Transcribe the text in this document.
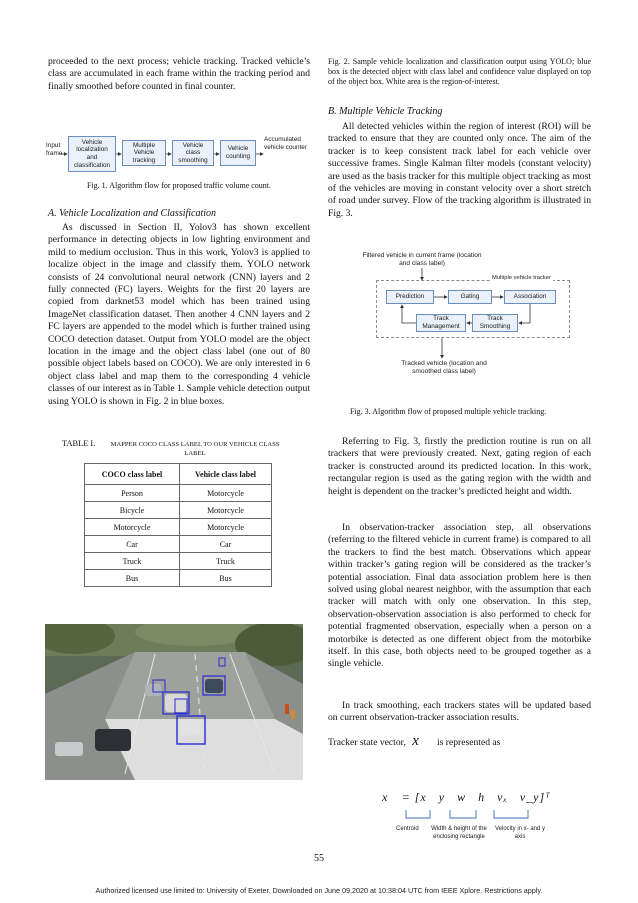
proceeded to the next process; vehicle tracking. Tracked vehicle’s class are accumulated in each frame within the tracking period and finally smoothed before counted in final counter.

Input frame
Vehicle localization and classification
Multiple Vehicle tracking
Vehicle class smoothing
Vehicle counting
Accumulated vehicle counter
Fig. 1. Algorithm flow for proposed traffic volume count.
A. Vehicle Localization and Classification

As discussed in Section II, Yolov3 has shown excellent performance in detecting objects in low lighting environment and mild to medium occlusion. Thus in this work, Yolov3 is applied to localize object in the image and classify them. YOLO network consists of 24 convolutional neural network (CNN) layers and 2 fully connected (FC) layers. Weights for the first 20 layers are copied from darknet53 model which has been trained using ImageNet classification dataset. Then another 4 CNN layers and 2 FC layers are appended to the model which is further trained using COCO detection dataset. Output from YOLO model are the object location in the image and the object class label (one out of 80 possible object labels based on COCO). We are only interested in 6 object class label and map them to the corresponding 4 vehicle classes of our interest as in Table 1. Sample vehicle detection output using YOLO is shown in Fig. 2 in blue boxes.

TABLE I.	MAPPER COCO CLASS LABEL TO OUR VEHICLE CLASS LABEL
COCO class label	Vehicle class label
Person	Motorcycle
Bicycle	Motorcycle
Motorcycle	Motorcycle
Car	Car
Truck	Truck
Bus	Bus
Fig. 2. Sample vehicle localization and classification output using YOLO; blue box is the detected object with class label and confidence value displayed on top of the object box. White area is the region-of-interest.
B. Multiple Vehicle Tracking

All detected vehicles within the region of interest (ROI) will be tracked to ensure that they are counted only once. The aim of the tracker is to keep consistent track label for each vehicle over successive frames. Single Kalman filter models (constant velocity) are used as the basis tracker for this multiple object tracking as most of the vehicles are moving in constant velocity over a short stretch of road under survey. Flow of the tracking algorithm is illustrated in Fig. 3.

Filtered vehicle in current frame (location and class label)
Multiple vehicle tracker
Prediction	Gating	Association
Track Management
Track Smoothing
Tracked vehicle (location and smoothed class label)
Fig. 3. Algorithm flow of proposed multiple vehicle tracking.

Referring to Fig. 3, firstly the prediction routine is run on all trackers that were previously created. Next, gating region of each tracker is constructed around its predicted location. In this work, rectangular region is used as the gating region with the width and height is dependent on the tracker’s predicted height and width.

In observation-tracker association step, all observations (referring to the filtered vehicle in current frame) is compared to all the trackers to find the best match. Observations which appear within tracker’s gating region will be considered as the tracker’s potential association. Final data association problem here is then solved using global nearest neighbor, with the assumption that each tracker will match with only one observation. In this step, observation-observation association is also performed to check for potential fragmented observation, especially when a person on a motorbike is detected as one different object from the motorbike itself. In this case, both objects need to be grouped together as a single vehicle.

In track smoothing, each trackers states will be updated based on current observation-tracker association results.

Tracker state vector, x⃗ is represented as

x⃗ = [x   y   w   h   vₓ   v_y]ᵀ
Centroid	Width & height of the enclosing rectangle
Velocity in x- and y axis
55
Authorized licensed use limited to: University of Exeter. Downloaded on June 09,2020 at 10:38:04 UTC from IEEE Xplore. Restrictions apply.
